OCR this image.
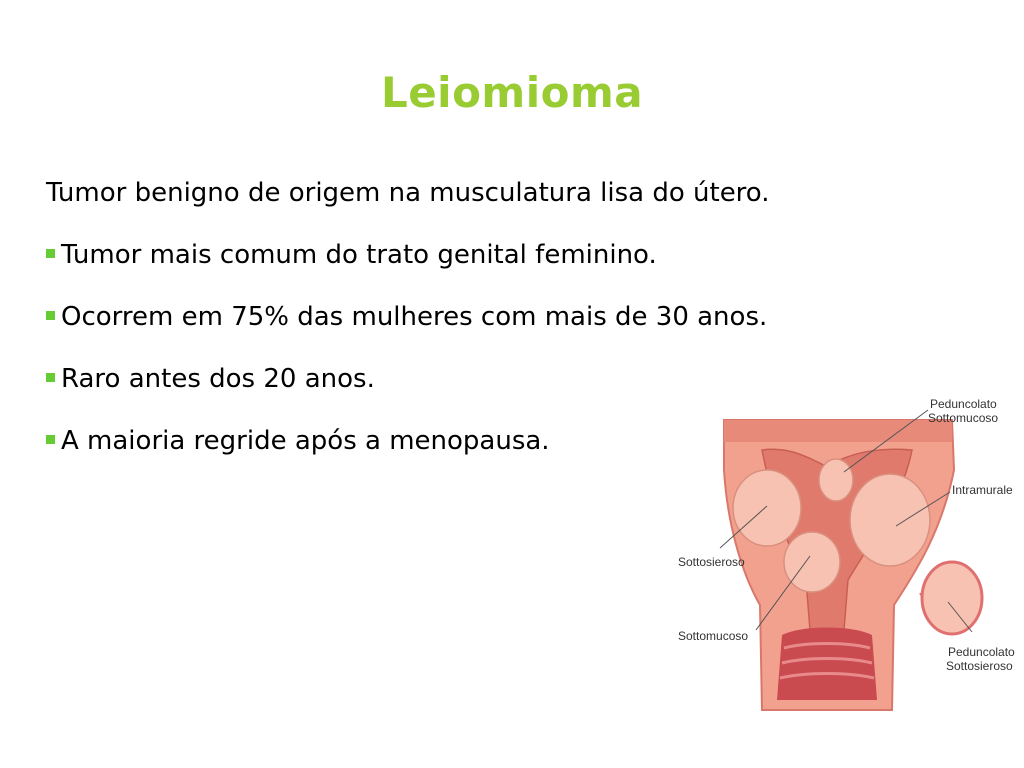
Leiomioma
Tumor benigno de origem na musculatura lisa do útero.
Tumor mais comum do trato genital feminino.
Ocorrem em 75% das mulheres com mais de 30 anos.
Raro antes dos 20 anos.
A maioria regride após a menopausa.
Peduncolato
Sottomucoso
Intramurale
Sottosieroso
Sottomucoso
Peduncolato
Sottosieroso
